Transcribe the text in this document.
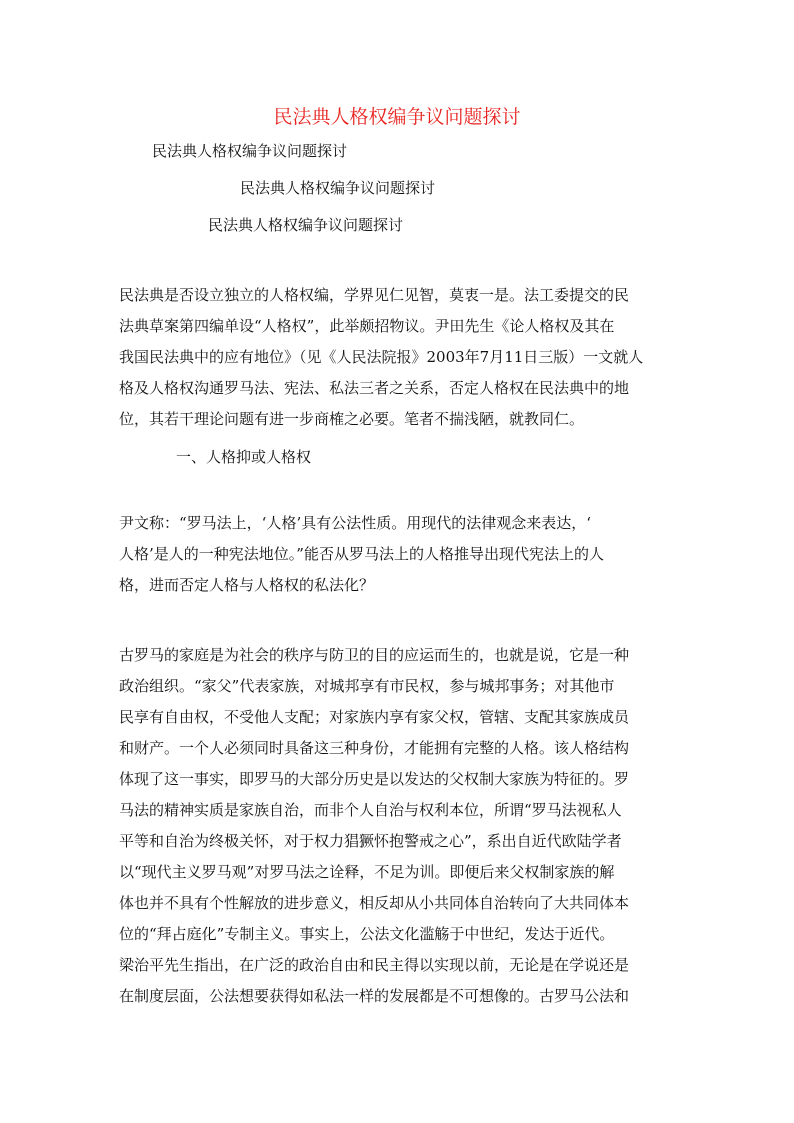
民法典人格权编争议问题探讨
民法典人格权编争议问题探讨
民法典人格权编争议问题探讨
民法典人格权编争议问题探讨
民法典是否设立独立的人格权编，学界见仁见智，莫衷一是。法工委提交的民
法典草案第四编单设“人格权”，此举颇招物议。尹田先生《论人格权及其在
我国民法典中的应有地位》（见《人民法院报》2003年7月11日三版）一文就人
格及人格权沟通罗马法、宪法、私法三者之关系，否定人格权在民法典中的地
位，其若干理论问题有进一步商榷之必要。笔者不揣浅陋，就教同仁。
一、人格抑或人格权
尹文称：“罗马法上，‘人格’具有公法性质。用现代的法律观念来表达，‘
人格’是人的一种宪法地位。”能否从罗马法上的人格推导出现代宪法上的人
格，进而否定人格与人格权的私法化？
古罗马的家庭是为社会的秩序与防卫的目的应运而生的，也就是说，它是一种
政治组织。“家父”代表家族，对城邦享有市民权，参与城邦事务；对其他市
民享有自由权，不受他人支配；对家族内享有家父权，管辖、支配其家族成员
和财产。一个人必须同时具备这三种身份，才能拥有完整的人格。该人格结构
体现了这一事实，即罗马的大部分历史是以发达的父权制大家族为特征的。罗
马法的精神实质是家族自治，而非个人自治与权利本位，所谓“罗马法视私人
平等和自治为终极关怀，对于权力猖獗怀抱警戒之心”，系出自近代欧陆学者
以“现代主义罗马观”对罗马法之诠释，不足为训。即便后来父权制家族的解
体也并不具有个性解放的进步意义，相反却从小共同体自治转向了大共同体本
位的“拜占庭化”专制主义。事实上，公法文化滥觞于中世纪，发达于近代。
梁治平先生指出，在广泛的政治自由和民主得以实现以前，无论是在学说还是
在制度层面，公法想要获得如私法一样的发展都是不可想像的。古罗马公法和
